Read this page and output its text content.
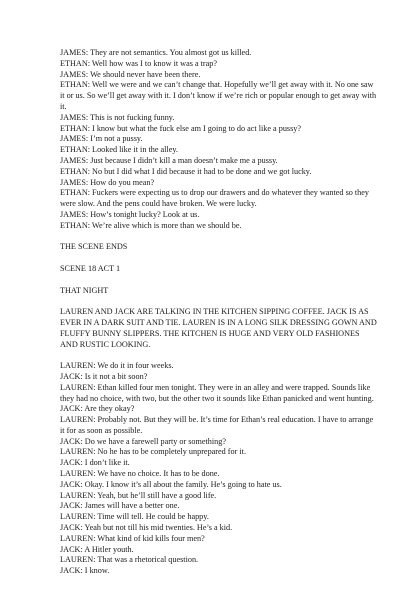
JAMES: They are not semantics. You almost got us killed.
ETHAN: Well how was I to know it was a trap?
JAMES: We should never have been there.
ETHAN: Well we were and we can’t change that. Hopefully we’ll get away with it. No one saw it or us. So we’ll get away with it. I don’t know if we’re rich or popular enough to get away with it.
JAMES: This is not fucking funny.
ETHAN: I know but what the fuck else am I going to do act like a pussy?
JAMES: I’m not a pussy.
ETHAN: Looked like it in the alley.
JAMES: Just because I didn’t kill a man doesn’t make me a pussy.
ETHAN: No but I did what I did because it had to be done and we got lucky.
JAMES: How do you mean?
ETHAN: Fuckers were expecting us to drop our drawers and do whatever they wanted so they were slow. And the pens could have broken. We were lucky.
JAMES: How’s tonight lucky? Look at us.
ETHAN: We’re alive which is more than we should be.
THE SCENE ENDS
SCENE 18 ACT 1
THAT NIGHT
LAUREN AND JACK ARE TALKING IN THE KITCHEN SIPPING COFFEE. JACK IS AS EVER IN A DARK SUIT AND TIE. LAUREN IS IN A LONG SILK DRESSING GOWN AND FLUFFY BUNNY SLIPPERS. THE KITCHEN IS HUGE AND VERY OLD FASHIONES AND RUSTIC LOOKING.
LAUREN: We do it in four weeks.
JACK: Is it not a bit soon?
LAUREN: Ethan killed four men tonight. They were in an alley and were trapped. Sounds like they had no choice, with two, but the other two it sounds like Ethan panicked and went hunting.
JACK: Are they okay?
LAUREN: Probably not. But they will be. It’s time for Ethan’s real education. I have to arrange it for as soon as possible.
JACK: Do we have a farewell party or something?
LAUREN: No he has to be completely unprepared for it.
JACK: I don’t like it.
LAUREN: We have no choice. It has to be done.
JACK: Okay. I know it’s all about the family. He’s going to hate us.
LAUREN: Yeah, but he’ll still have a good life.
JACK: James will have a better one.
LAUREN: Time will tell. He could be happy.
JACK: Yeah but not till his mid twenties. He’s a kid.
LAUREN: What kind of kid kills four men?
JACK: A Hitler youth.
LAUREN: That was a rhetorical question.
JACK: I know.
